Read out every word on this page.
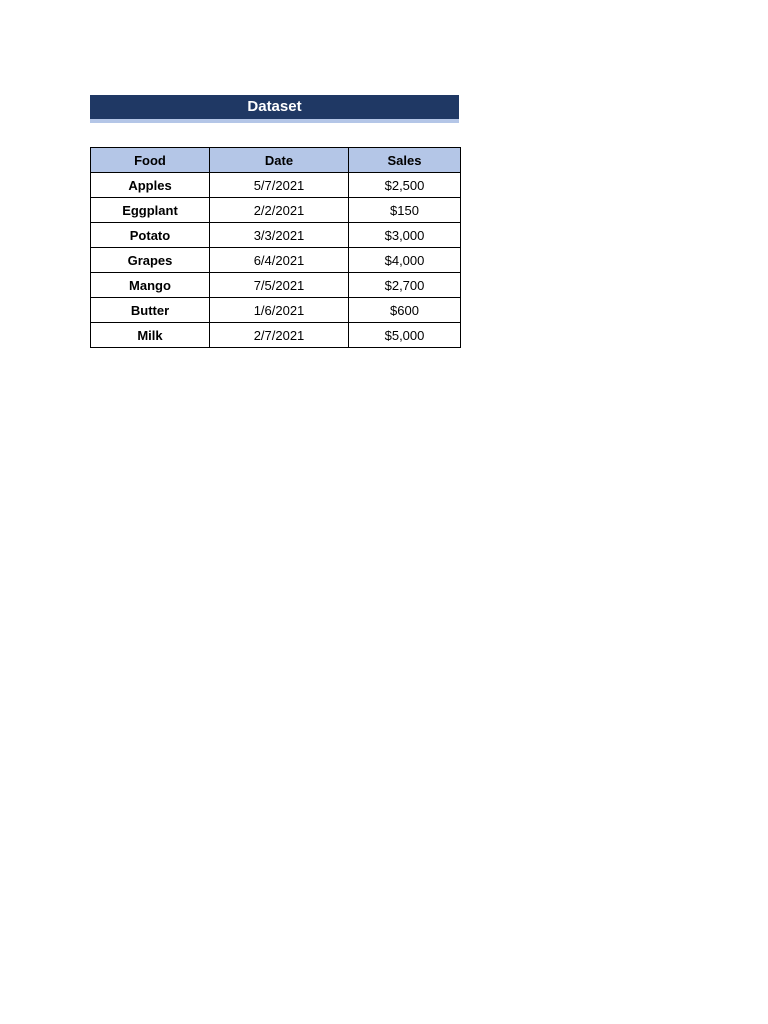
Dataset
Food	Date	Sales
Apples	5/7/2021	$2,500
Eggplant	2/2/2021	$150
Potato	3/3/2021	$3,000
Grapes	6/4/2021	$4,000
Mango	7/5/2021	$2,700
Butter	1/6/2021	$600
Milk	2/7/2021	$5,000
